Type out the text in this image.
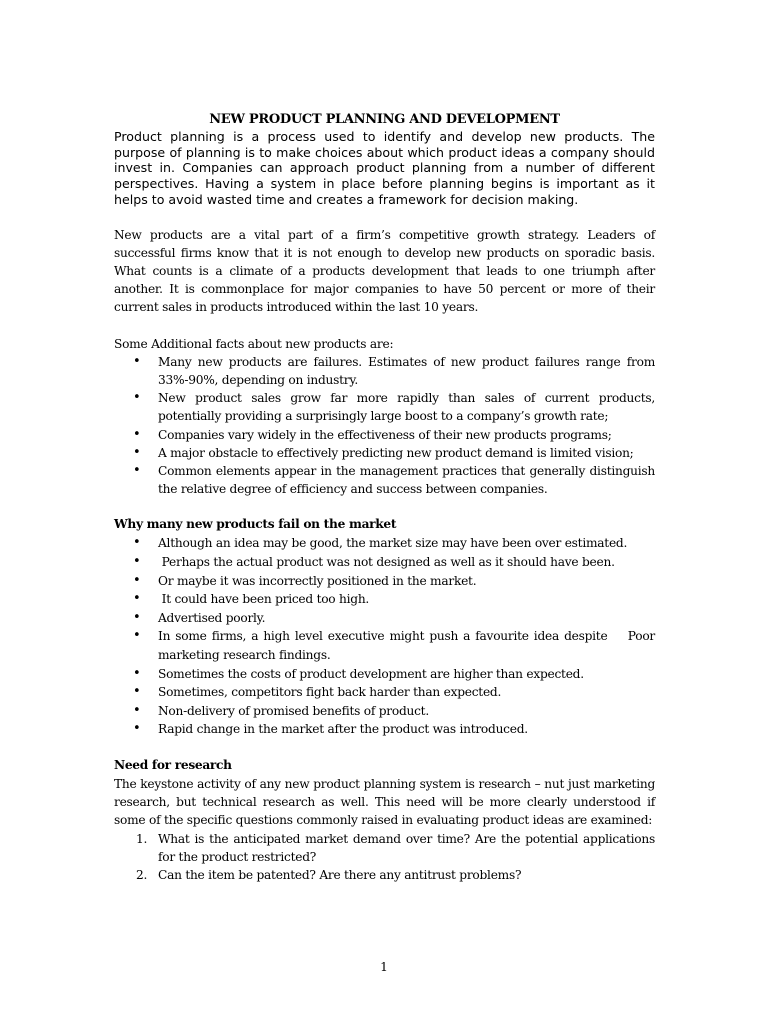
NEW PRODUCT PLANNING AND DEVELOPMENT

Product planning is a process used to identify and develop new products. The purpose of planning is to make choices about which product ideas a company should invest in. Companies can approach product planning from a number of different perspectives. Having a system in place before planning begins is important as it helps to avoid wasted time and creates a framework for decision making.

New products are a vital part of a firm’s competitive growth strategy. Leaders of successful firms know that it is not enough to develop new products on sporadic basis. What counts is a climate of a products development that leads to one triumph after another. It is commonplace for major companies to have 50 percent or more of their current sales in products introduced within the last 10 years.

Some Additional facts about new products are:

• Many new products are failures. Estimates of new product failures range from 33%-90%, depending on industry.
• New product sales grow far more rapidly than sales of current products, potentially providing a surprisingly large boost to a company’s growth rate;
• Companies vary widely in the effectiveness of their new products programs;
• A major obstacle to effectively predicting new product demand is limited vision;
• Common elements appear in the management practices that generally distinguish the relative degree of efficiency and success between companies.
Why many new products fail on the market
• Although an idea may be good, the market size may have been over estimated.
• Perhaps the actual product was not designed as well as it should have been.
• Or maybe it was incorrectly positioned in the market.
• It could have been priced too high.
• Advertised poorly.
• In some firms, a high level executive might push a favourite idea despite    Poor marketing research findings.
• Sometimes the costs of product development are higher than expected.
• Sometimes, competitors fight back harder than expected.
• Non-delivery of promised benefits of product.
• Rapid change in the market after the product was introduced.
Need for research

The keystone activity of any new product planning system is research – nut just marketing research, but technical research as well. This need will be more clearly understood if some of the specific questions commonly raised in evaluating product ideas are examined:

1. What is the anticipated market demand over time? Are the potential applications for the product restricted?
2. Can the item be patented? Are there any antitrust problems?
1
